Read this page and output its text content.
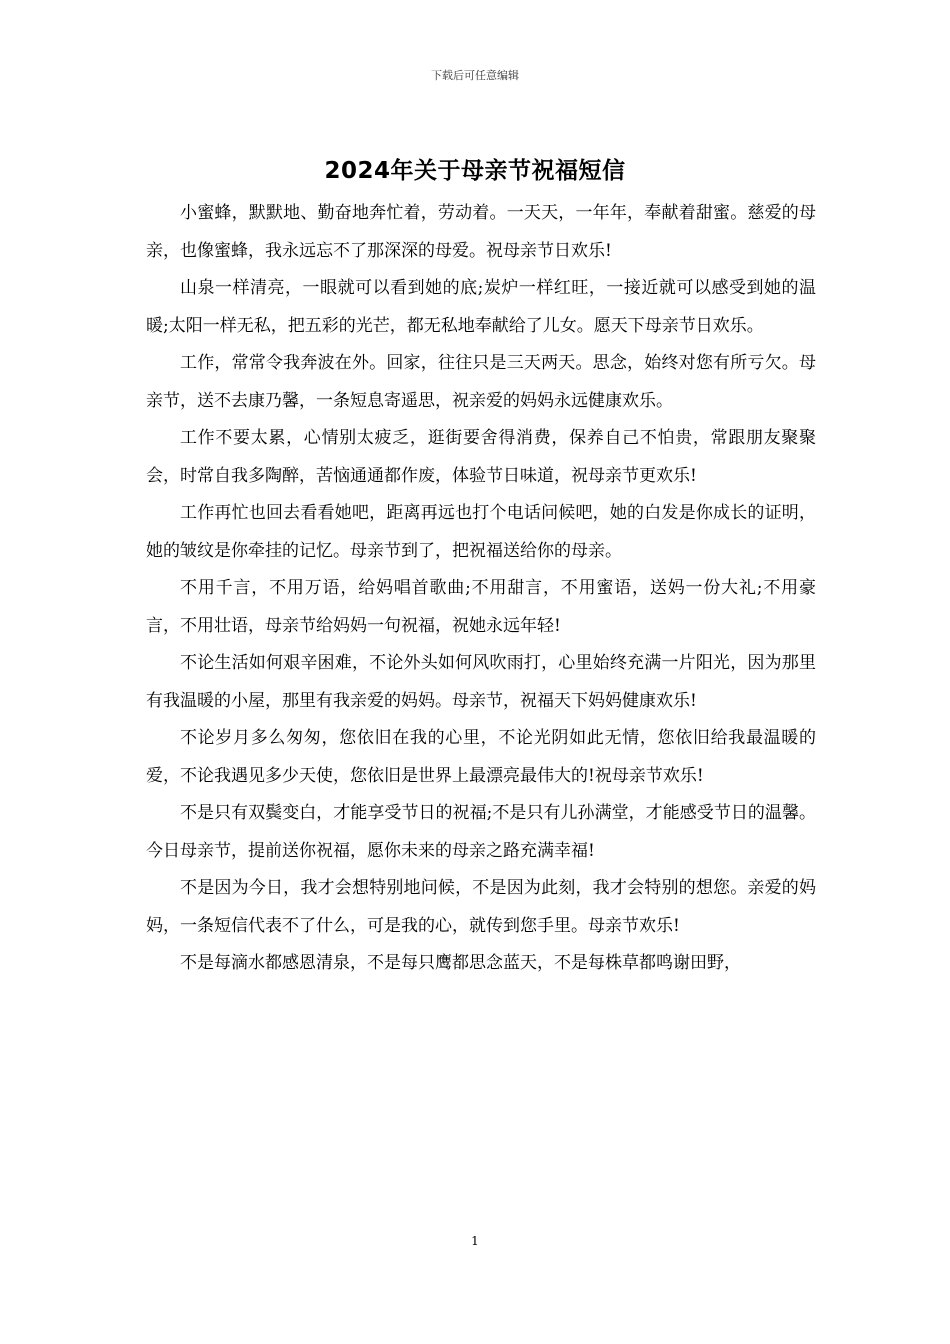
下载后可任意编辑
2024年关于母亲节祝福短信

小蜜蜂，默默地、勤奋地奔忙着，劳动着。一天天，一年年，奉献着甜蜜。慈爱的母亲，也像蜜蜂，我永远忘不了那深深的母爱。祝母亲节日欢乐!

山泉一样清亮，一眼就可以看到她的底;炭炉一样红旺，一接近就可以感受到她的温暖;太阳一样无私，把五彩的光芒，都无私地奉献给了儿女。愿天下母亲节日欢乐。

工作，常常令我奔波在外。回家，往往只是三天两天。思念，始终对您有所亏欠。母亲节，送不去康乃馨，一条短息寄遥思，祝亲爱的妈妈永远健康欢乐。

工作不要太累，心情别太疲乏，逛街要舍得消费，保养自己不怕贵，常跟朋友聚聚会，时常自我多陶醉，苦恼通通都作废，体验节日味道，祝母亲节更欢乐!

工作再忙也回去看看她吧，距离再远也打个电话问候吧，她的白发是你成长的证明，她的皱纹是你牵挂的记忆。母亲节到了，把祝福送给你的母亲。

不用千言，不用万语，给妈唱首歌曲;不用甜言，不用蜜语，送妈一份大礼;不用豪言，不用壮语，母亲节给妈妈一句祝福，祝她永远年轻!

不论生活如何艰辛困难，不论外头如何风吹雨打，心里始终充满一片阳光，因为那里有我温暖的小屋，那里有我亲爱的妈妈。母亲节，祝福天下妈妈健康欢乐!

不论岁月多么匆匆，您依旧在我的心里，不论光阴如此无情，您依旧给我最温暖的爱，不论我遇见多少天使，您依旧是世界上最漂亮最伟大的!祝母亲节欢乐!

不是只有双鬓变白，才能享受节日的祝福;不是只有儿孙满堂，才能感受节日的温馨。今日母亲节，提前送你祝福，愿你未来的母亲之路充满幸福!

不是因为今日，我才会想特别地问候，不是因为此刻，我才会特别的想您。亲爱的妈妈，一条短信代表不了什么，可是我的心，就传到您手里。母亲节欢乐!

不是每滴水都感恩清泉，不是每只鹰都思念蓝天，不是每株草都鸣谢田野，

1
